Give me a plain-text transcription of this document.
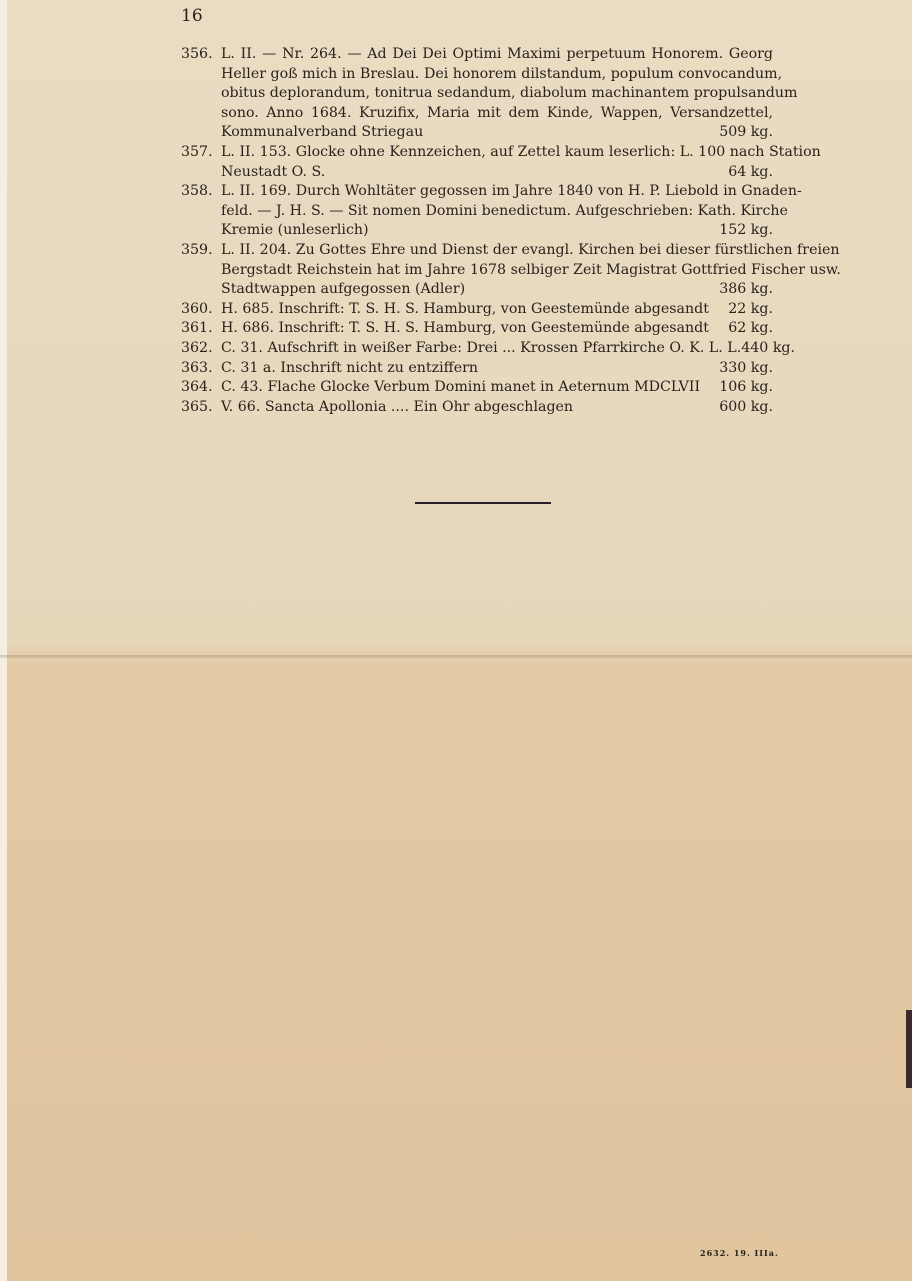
16
356. L. II. — Nr. 264. — Ad Dei Dei Optimi Maximi perpetuum Honorem. Georg
Heller goß mich in Breslau. Dei honorem dilstandum, populum convocandum,
obitus deplorandum, tonitrua sedandum, diabolum machinantem propulsandum
sono. Anno 1684. Kruzifix, Maria mit dem Kinde, Wappen, Versandzettel,
Kommunalverband Striegau	509 kg.
357. L. II. 153. Glocke ohne Kennzeichen, auf Zettel kaum leserlich: L. 100 nach Station
Neustadt O. S.	64 kg.
358. L. II. 169. Durch Wohltäter gegossen im Jahre 1840 von H. P. Liebold in Gnaden-
feld. — J. H. S. — Sit nomen Domini benedictum. Aufgeschrieben: Kath. Kirche
Kremie (unleserlich)	152 kg.
359. L. II. 204. Zu Gottes Ehre und Dienst der evangl. Kirchen bei dieser fürstlichen freien
Bergstadt Reichstein hat im Jahre 1678 selbiger Zeit Magistrat Gottfried Fischer usw.
Stadtwappen aufgegossen (Adler)	386 kg.
360. H. 685. Inschrift: T. S. H. S. Hamburg, von Geestemünde abgesandt 22 kg.
361. H. 686. Inschrift: T. S. H. S. Hamburg, von Geestemünde abgesandt 62 kg.
362. C. 31. Aufschrift in weißer Farbe: Drei ... Krossen Pfarrkirche O. K. L. L. 440 kg.
363. C. 31 a. Inschrift nicht zu entziffern	330 kg.
364. C. 43. Flache Glocke Verbum Domini manet in Aeternum MDCLVII 106 kg.
365. V. 66. Sancta Apollonia .... Ein Ohr abgeschlagen	600 kg.
2632. 19. IIIa.
